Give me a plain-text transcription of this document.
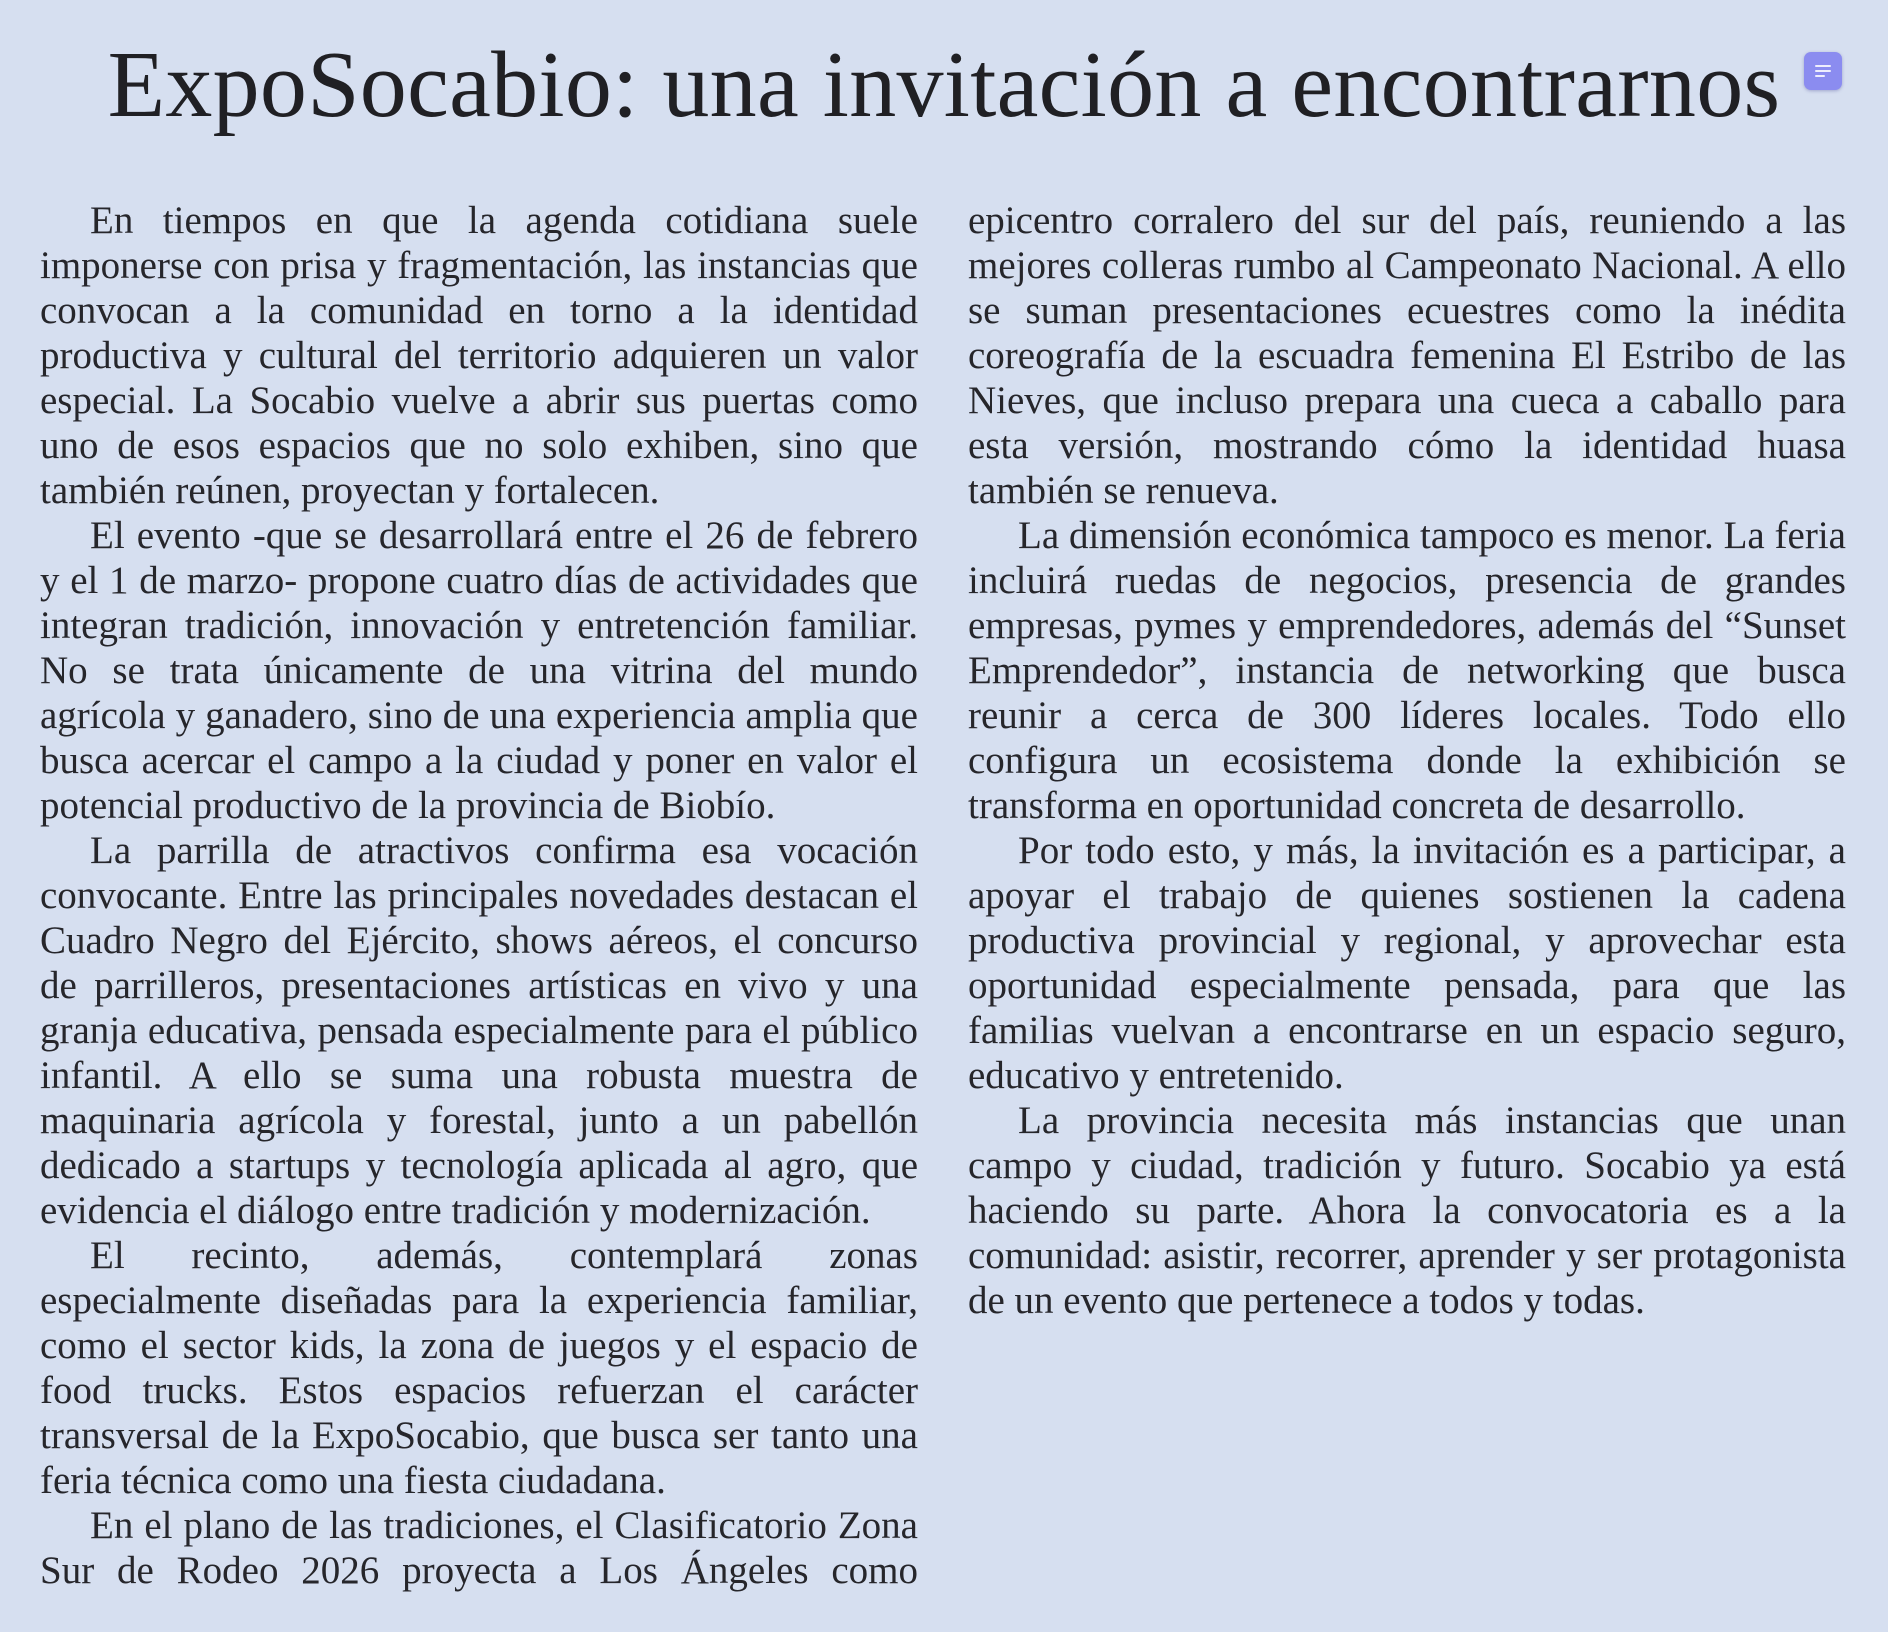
ExpoSocabio: una invitación a encontrarnos

En tiempos en que la agenda cotidiana suele imponerse con prisa y fragmentación, las instancias que convocan a la comunidad en torno a la identidad productiva y cultural del territorio adquieren un valor especial. La Socabio vuelve a abrir sus puertas como uno de esos espacios que no solo exhiben, sino que también reúnen, proyectan y fortalecen.

El evento -que se desarrollará entre el 26 de febrero y el 1 de marzo- propone cuatro días de actividades que integran tradición, innovación y entretención familiar. No se trata únicamente de una vitrina del mundo agrícola y ganadero, sino de una experiencia amplia que busca acercar el campo a la ciudad y poner en valor el potencial productivo de la provincia de Biobío.

La parrilla de atractivos confirma esa vocación convocante. Entre las principales novedades destacan el Cuadro Negro del Ejército, shows aéreos, el concurso de parrilleros, presentaciones artísticas en vivo y una granja educativa, pensada especialmente para el público infantil. A ello se suma una robusta muestra de maquinaria agrícola y forestal, junto a un pabellón dedicado a startups y tecnología aplicada al agro, que evidencia el diálogo entre tradición y modernización.

El recinto, además, contemplará zonas especialmente diseñadas para la experiencia familiar, como el sector kids, la zona de juegos y el espacio de food trucks. Estos espacios refuerzan el carácter transversal de la ExpoSocabio, que busca ser tanto una feria técnica como una fiesta ciudadana.

En el plano de las tradiciones, el Clasificatorio Zona Sur de Rodeo 2026 proyecta a Los Ángeles como epicentro corralero del sur del país, reuniendo a las mejores colleras rumbo al Campeonato Nacional. A ello se suman presentaciones ecuestres como la inédita coreografía de la escuadra femenina El Estribo de las Nieves, que incluso prepara una cueca a caballo para esta versión, mostrando cómo la identidad huasa también se renueva.

La dimensión económica tampoco es menor. La feria incluirá ruedas de negocios, presencia de grandes empresas, pymes y emprendedores, además del “Sunset Emprendedor”, instancia de networking que busca reunir a cerca de 300 líderes locales. Todo ello configura un ecosistema donde la exhibición se transforma en oportunidad concreta de desarrollo.

Por todo esto, y más, la invitación es a participar, a apoyar el trabajo de quienes sostienen la cadena productiva provincial y regional, y aprovechar esta oportunidad especialmente pensada, para que las familias vuelvan a encontrarse en un espacio seguro, educativo y entretenido.

La provincia necesita más instancias que unan campo y ciudad, tradición y futuro. Socabio ya está haciendo su parte. Ahora la convocatoria es a la comunidad: asistir, recorrer, aprender y ser protagonista de un evento que pertenece a todos y todas.
